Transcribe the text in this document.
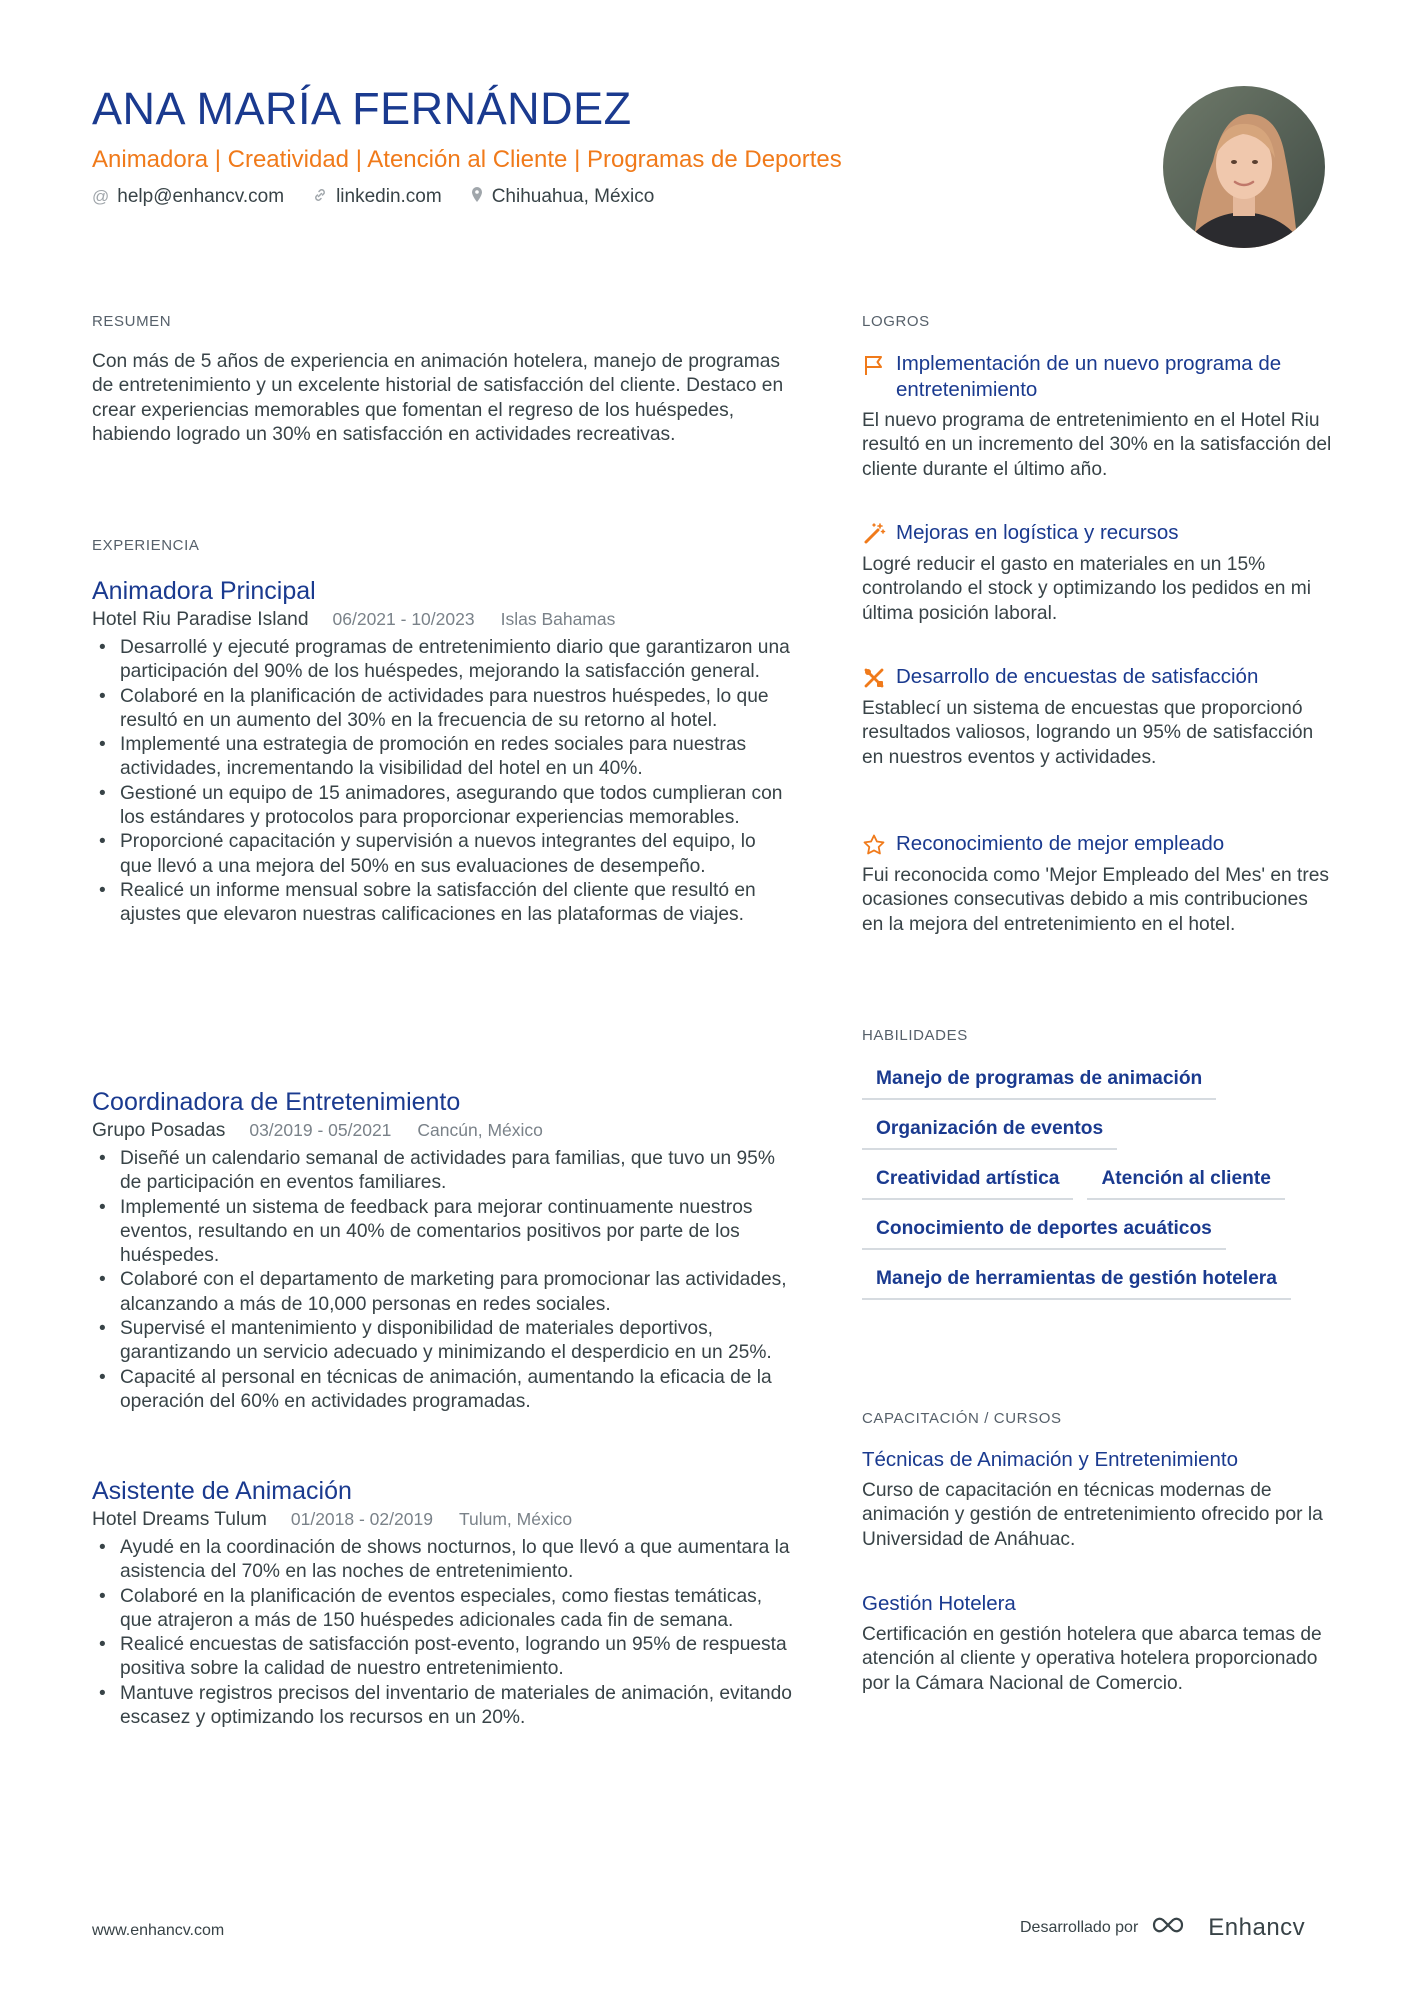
ANA MARÍA FERNÁNDEZ
Animadora | Creatividad | Atención al Cliente | Programas de Deportes
@ help@enhancv.com	linkedin.com	Chihuahua, México
RESUMEN
Con más de 5 años de experiencia en animación hotelera, manejo de programas de entretenimiento y un excelente historial de satisfacción del cliente. Destaco en crear experiencias memorables que fomentan el regreso de los huéspedes, habiendo logrado un 30% en satisfacción en actividades recreativas.
EXPERIENCIA
Animadora Principal
Hotel Riu Paradise Island 06/2021 - 10/2023 Islas Bahamas
• Desarrollé y ejecuté programas de entretenimiento diario que garantizaron una participación del 90% de los huéspedes, mejorando la satisfacción general.
• Colaboré en la planificación de actividades para nuestros huéspedes, lo que resultó en un aumento del 30% en la frecuencia de su retorno al hotel.
• Implementé una estrategia de promoción en redes sociales para nuestras actividades, incrementando la visibilidad del hotel en un 40%.
• Gestioné un equipo de 15 animadores, asegurando que todos cumplieran con los estándares y protocolos para proporcionar experiencias memorables.
• Proporcioné capacitación y supervisión a nuevos integrantes del equipo, lo que llevó a una mejora del 50% en sus evaluaciones de desempeño.
• Realicé un informe mensual sobre la satisfacción del cliente que resultó en ajustes que elevaron nuestras calificaciones en las plataformas de viajes.
Coordinadora de Entretenimiento
Grupo Posadas 03/2019 - 05/2021 Cancún, México
• Diseñé un calendario semanal de actividades para familias, que tuvo un 95% de participación en eventos familiares.
• Implementé un sistema de feedback para mejorar continuamente nuestros eventos, resultando en un 40% de comentarios positivos por parte de los huéspedes.
• Colaboré con el departamento de marketing para promocionar las actividades, alcanzando a más de 10,000 personas en redes sociales.
• Supervisé el mantenimiento y disponibilidad de materiales deportivos, garantizando un servicio adecuado y minimizando el desperdicio en un 25%.
• Capacité al personal en técnicas de animación, aumentando la eficacia de la operación del 60% en actividades programadas.
Asistente de Animación
Hotel Dreams Tulum 01/2018 - 02/2019 Tulum, México
• Ayudé en la coordinación de shows nocturnos, lo que llevó a que aumentara la asistencia del 70% en las noches de entretenimiento.
• Colaboré en la planificación de eventos especiales, como fiestas temáticas, que atrajeron a más de 150 huéspedes adicionales cada fin de semana.
• Realicé encuestas de satisfacción post-evento, logrando un 95% de respuesta positiva sobre la calidad de nuestro entretenimiento.
• Mantuve registros precisos del inventario de materiales de animación, evitando escasez y optimizando los recursos en un 20%.
LOGROS
Implementación de un nuevo programa de entretenimiento
El nuevo programa de entretenimiento en el Hotel Riu resultó en un incremento del 30% en la satisfacción del cliente durante el último año.
Mejoras en logística y recursos
Logré reducir el gasto en materiales en un 15% controlando el stock y optimizando los pedidos en mi última posición laboral.
Desarrollo de encuestas de satisfacción
Establecí un sistema de encuestas que proporcionó resultados valiosos, logrando un 95% de satisfacción en nuestros eventos y actividades.
Reconocimiento de mejor empleado
Fui reconocida como 'Mejor Empleado del Mes' en tres ocasiones consecutivas debido a mis contribuciones en la mejora del entretenimiento en el hotel.
HABILIDADES
Manejo de programas de animación
Organización de eventos
Creatividad artística	Atención al cliente
Conocimiento de deportes acuáticos
Manejo de herramientas de gestión hotelera
CAPACITACIÓN / CURSOS
Técnicas de Animación y Entretenimiento
Curso de capacitación en técnicas modernas de animación y gestión de entretenimiento ofrecido por la Universidad de Anáhuac.
Gestión Hotelera
Certificación en gestión hotelera que abarca temas de atención al cliente y operativa hotelera proporcionado por la Cámara Nacional de Comercio.
www.enhancv.com	Desarrollado por	Enhancv
